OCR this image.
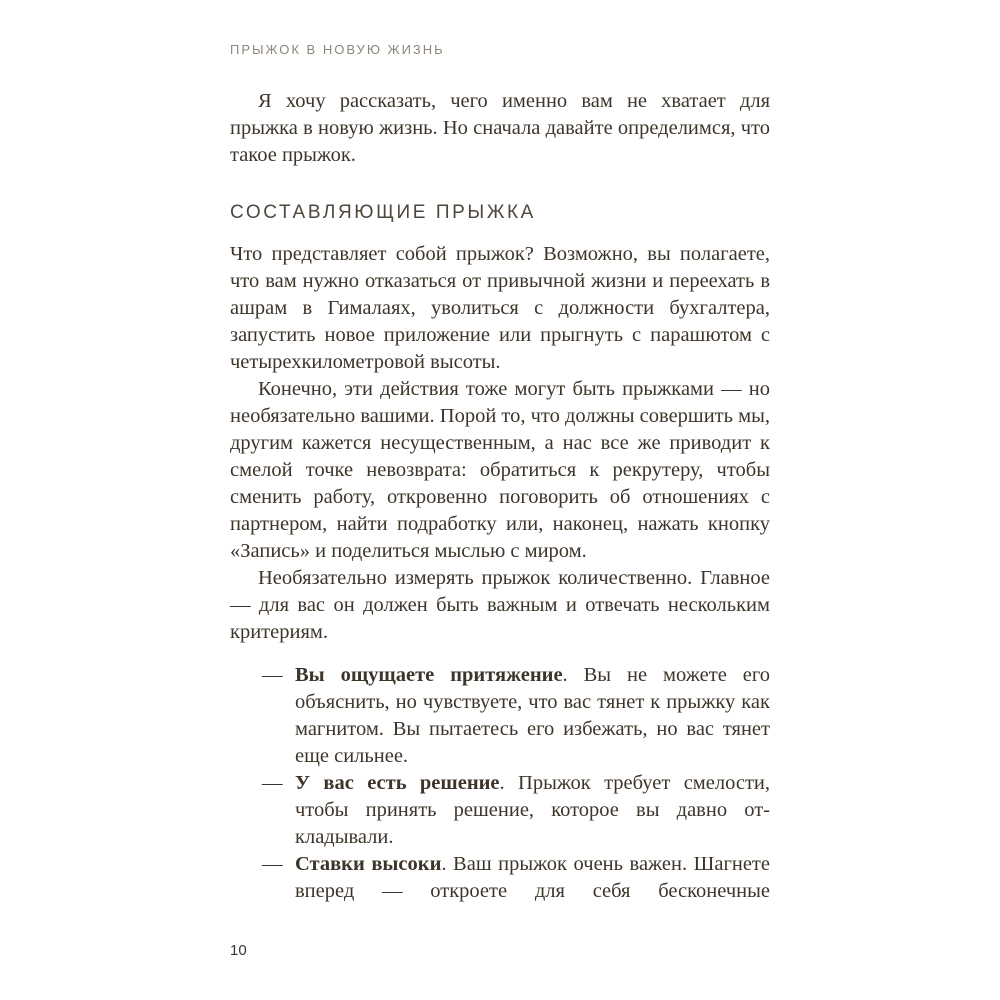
ПРЫЖОК В НОВУЮ ЖИЗНЬ

Я хочу рассказать, чего именно вам не хватает для прыжка в новую жизнь. Но сначала давайте определимся, что такое прыжок.

СОСТАВЛЯЮЩИЕ ПРЫЖКА

Что представляет собой прыжок? Возможно, вы полагаете, что вам нужно отказаться от привычной жизни и переехать в ашрам в Гималаях, уволиться с должности бухгалтера, запустить новое приложение или прыгнуть с парашютом с четырехкилометровой высоты.

Конечно, эти действия тоже могут быть прыжками — но необязательно вашими. Порой то, что должны совершить мы, другим кажется несущественным, а нас все же приводит к смелой точке невозврата: обратиться к рекрутеру, чтобы сменить работу, откровенно поговорить об отношениях с партнером, найти подработку или, наконец, нажать кнопку «Запись» и поделиться мыслью с миром.

Необязательно измерять прыжок количественно. Главное — для вас он должен быть важным и отвечать нескольким критериям.

— Вы ощущаете притяжение. Вы не можете его объяснить, но чувствуете, что вас тянет к прыжку как магнитом. Вы пытаетесь его избежать, но вас тянет еще сильнее.
— У вас есть решение. Прыжок требует смелости, чтобы принять решение, которое вы давно откладывали.
— Ставки высоки. Ваш прыжок очень важен. Шагнете вперед — откроете для себя бесконечные
10
